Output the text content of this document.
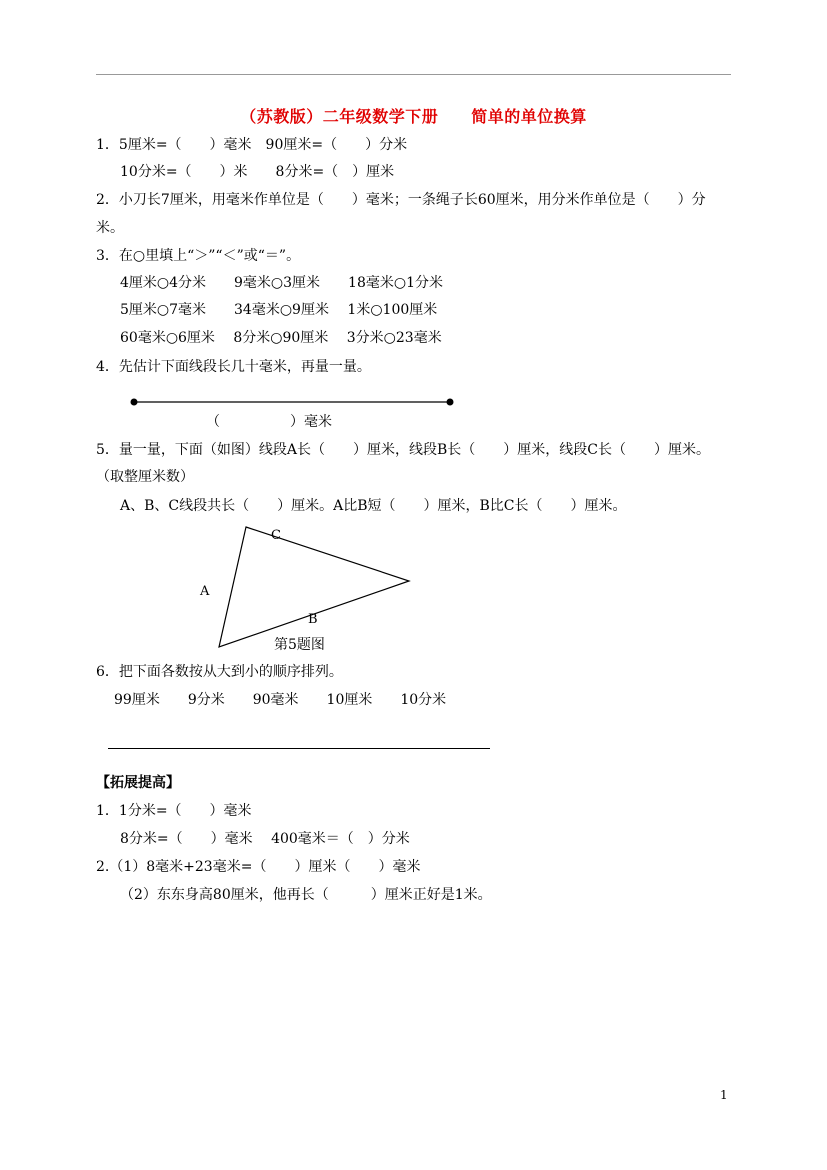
（苏教版）二年级数学下册　　简单的单位换算
1．5厘米=（　　）毫米　90厘米=（　　）分米
10分米=（　　）米　　8分米=（　）厘米
2．小刀长7厘米，用毫米作单位是（　　）毫米；一条绳子长60厘米，用分米作单位是（　　）分
米。
3．在○里填上“＞”“＜”或“＝”。
4厘米○4分米　　9毫米○3厘米　　18毫米○1分米
5厘米○7毫米　　34毫米○9厘米　 1米○100厘米
60毫米○6厘米　 8分米○90厘米　 3分米○23毫米
4．先估计下面线段长几十毫米，再量一量。
（　　　　　）毫米
5．量一量，下面（如图）线段A长（　　）厘米，线段B长（　　）厘米，线段C长（　　）厘米。
（取整厘米数）
A、B、C线段共长（　　）厘米。A比B短（　　）厘米，B比C长（　　）厘米。
C
A
B
第5题图
6．把下面各数按从大到小的顺序排列。
99厘米　　9分米　　90毫米　　10厘米　　10分米
【拓展提高】
1．1分米=（　　）毫米
8分米=（　　）毫米　 400毫米＝（　）分米
2.（1）8毫米+23毫米=（　　）厘米（　　）毫米
（2）东东身高80厘米，他再长（　　　）厘米正好是1米。
1
